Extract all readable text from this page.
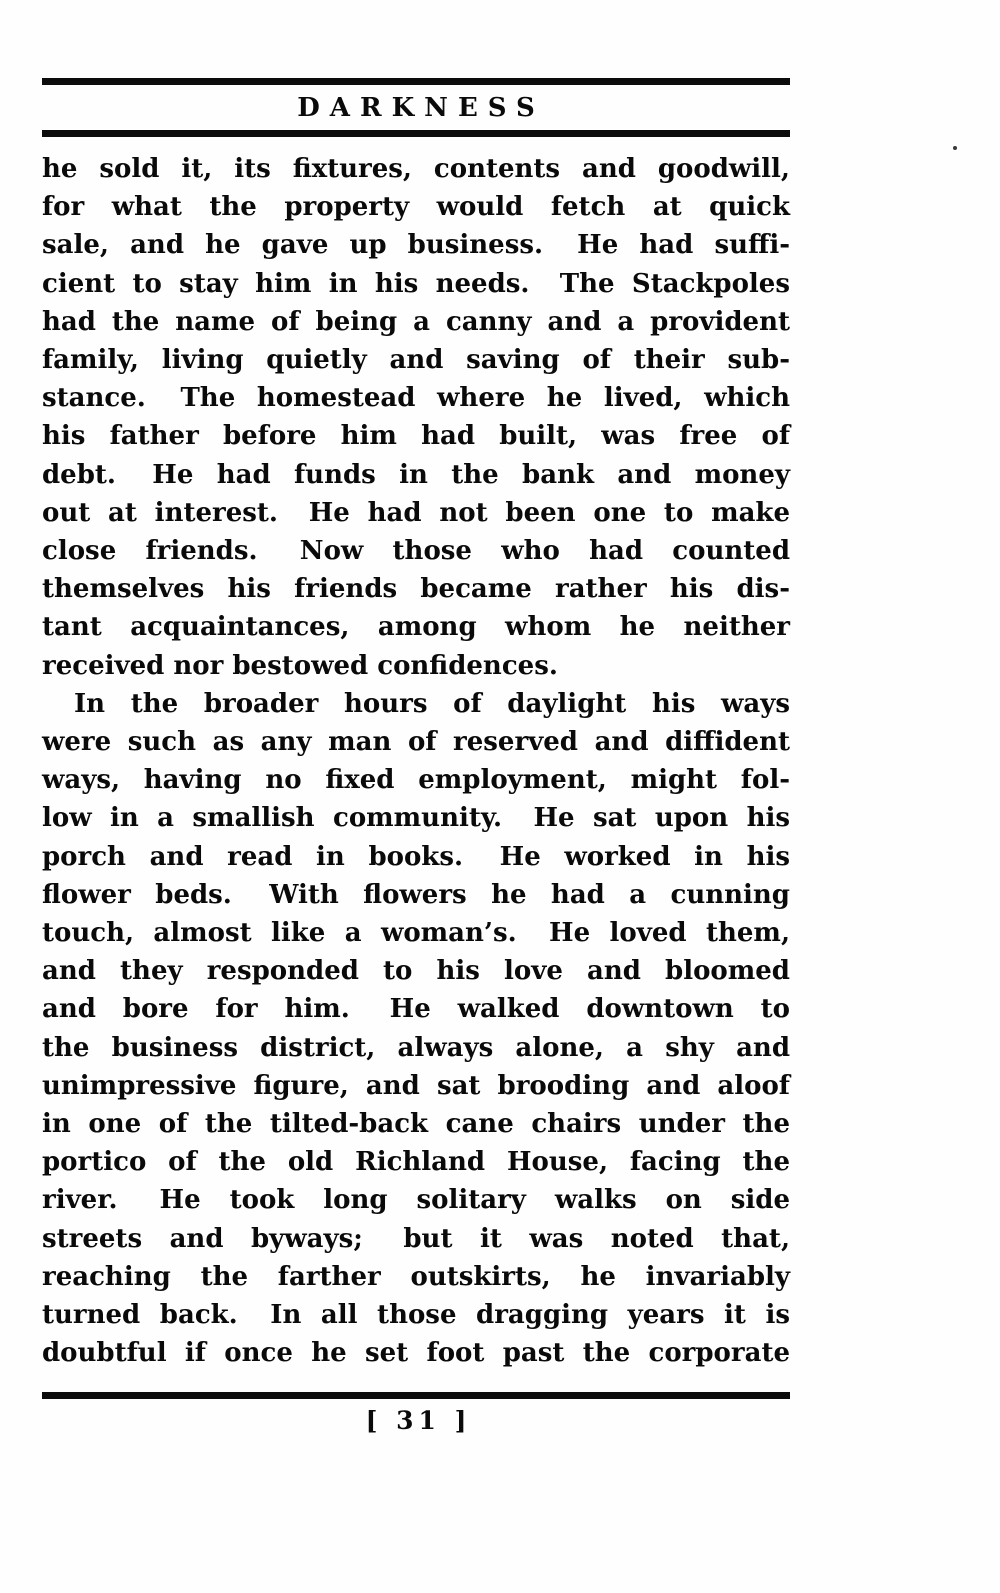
DARKNESS
he sold it, its fixtures, contents and goodwill,
for what the property would fetch at quick
sale, and he gave up business.  He had suffi-
cient to stay him in his needs.  The Stackpoles
had the name of being a canny and a provident
family, living quietly and saving of their sub-
stance.  The homestead where he lived, which
his father before him had built, was free of
debt.  He had funds in the bank and money
out at interest.  He had not been one to make
close friends.  Now those who had counted
themselves his friends became rather his dis-
tant acquaintances, among whom he neither
received nor bestowed confidences.
In the broader hours of daylight his ways
were such as any man of reserved and diffident
ways, having no fixed employment, might fol-
low in a smallish community.  He sat upon his
porch and read in books.  He worked in his
flower beds.  With flowers he had a cunning
touch, almost like a woman’s.  He loved them,
and they responded to his love and bloomed
and bore for him.  He walked downtown to
the business district, always alone, a shy and
unimpressive figure, and sat brooding and aloof
in one of the tilted-back cane chairs under the
portico of the old Richland House, facing the
river.  He took long solitary walks on side
streets and byways;  but it was noted that,
reaching the farther outskirts, he invariably
turned back.  In all those dragging years it is
doubtful if once he set foot past the corporate
[ 31 ]
